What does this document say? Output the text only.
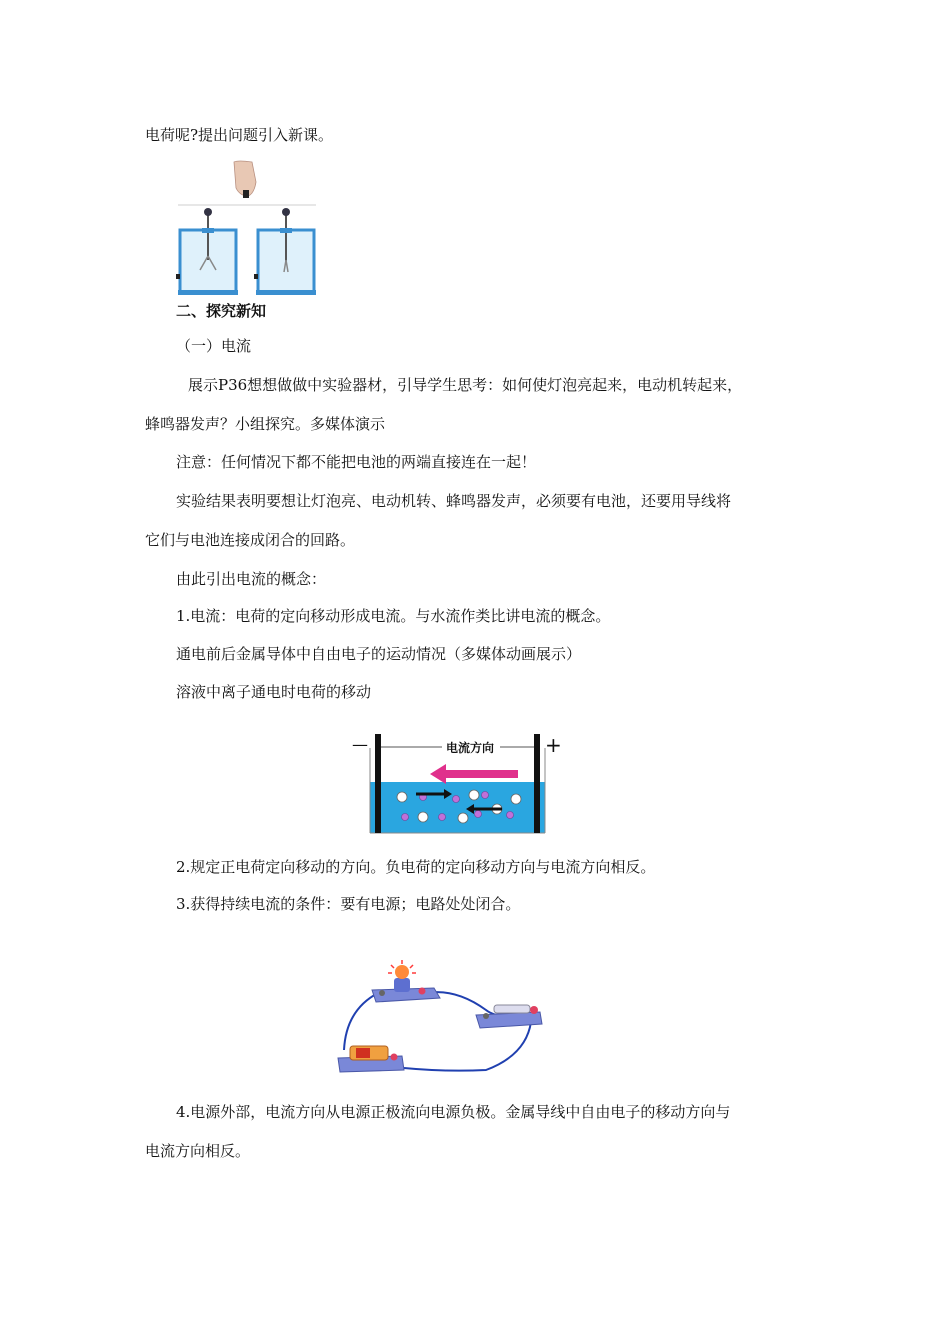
电荷呢?提出问题引入新课。
二、探究新知
（一）电流
展示P36想想做做中实验器材，引导学生思考：如何使灯泡亮起来，电动机转起来，
蜂鸣器发声？小组探究。多媒体演示
注意：任何情况下都不能把电池的两端直接连在一起！
实验结果表明要想让灯泡亮、电动机转、蜂鸣器发声，必须要有电池，还要用导线将
它们与电池连接成闭合的回路。
由此引出电流的概念：
1.电流：电荷的定向移动形成电流。与水流作类比讲电流的概念。
通电前后金属导体中自由电子的运动情况（多媒体动画展示）
溶液中离子通电时电荷的移动
—	+
电流方向
2.规定正电荷定向移动的方向。负电荷的定向移动方向与电流方向相反。
3.获得持续电流的条件：要有电源；电路处处闭合。
4.电源外部，电流方向从电源正极流向电源负极。金属导线中自由电子的移动方向与
电流方向相反。
